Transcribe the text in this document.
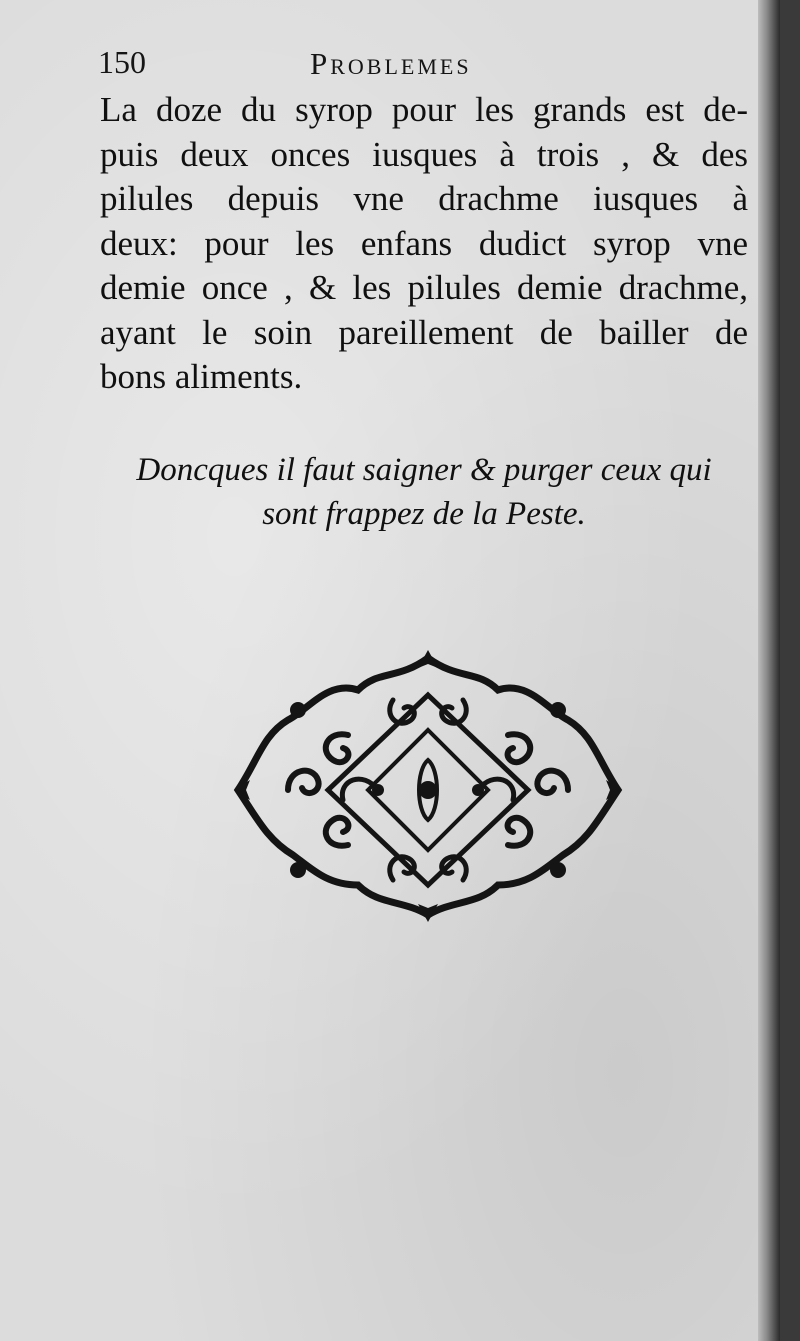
150	Problemes
La doze du syrop pour les grands est de-
puis deux onces iusques à trois , & des
pilules depuis vne drachme iusques à
deux: pour les enfans dudict syrop vne
demie once , & les pilules demie drachme,
ayant le soin pareillement de bailler de
bons aliments.
Doncques il faut saigner & purger ceux qui
sont frappez de la Peste.
